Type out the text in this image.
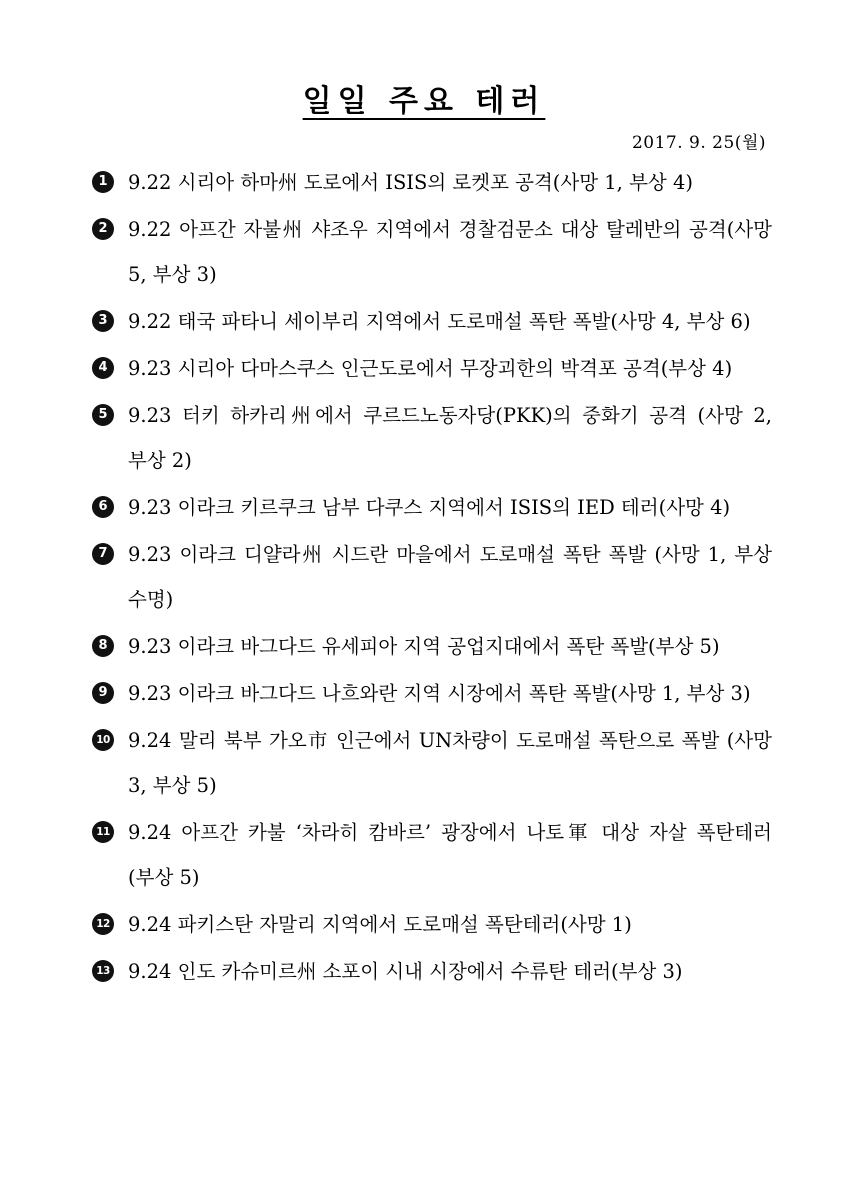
일일 주요 테러
2017. 9. 25(월)
1	9.22 시리아 하마州 도로에서 ISIS의 로켓포 공격(사망 1, 부상 4)
2	9.22 아프간 자불州 샤조우 지역에서 경찰검문소 대상 탈레반의 공격(사망 5, 부상 3)
3	9.22 태국 파타니 세이부리 지역에서 도로매설 폭탄 폭발(사망 4, 부상 6)
4	9.23 시리아 다마스쿠스 인근도로에서 무장괴한의 박격포 공격(부상 4)
5	9.23 터키 하카리州에서 쿠르드노동자당(PKK)의 중화기 공격 (사망 2, 부상 2)
6	9.23 이라크 키르쿠크 남부 다쿠스 지역에서 ISIS의 IED 테러(사망 4)
7	9.23 이라크 디얄라州 시드란 마을에서 도로매설 폭탄 폭발 (사망 1, 부상 수명)
8	9.23 이라크 바그다드 유세피아 지역 공업지대에서 폭탄 폭발(부상 5)
9	9.23 이라크 바그다드 나흐와란 지역 시장에서 폭탄 폭발(사망 1, 부상 3)
10 9.24 말리 북부 가오市 인근에서 UN차량이 도로매설 폭탄으로 폭발 (사망 3, 부상 5)
11 9.24 아프간 카불 ‘차라히 캄바르’ 광장에서 나토軍 대상 자살 폭탄테러(부상 5)
12 9.24 파키스탄 자말리 지역에서 도로매설 폭탄테러(사망 1)
13 9.24 인도 카슈미르州 소포이 시내 시장에서 수류탄 테러(부상 3)
